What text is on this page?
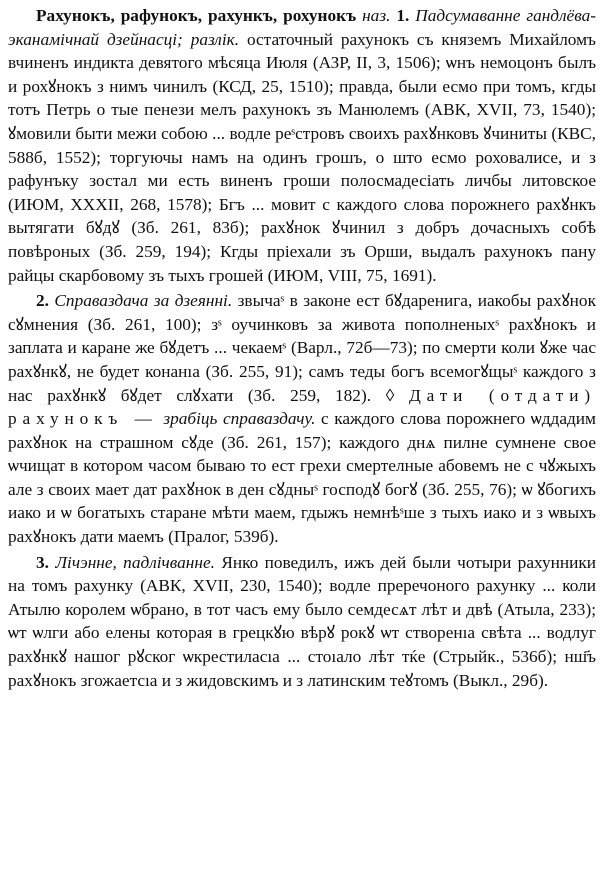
Рахунокъ, рафунокъ, рахункъ, рохунокъ наз. 1. Падсумаванне гандлёва-эканамічнай дзейнасці; разлік. остаточный рахунокъ съ княземъ Михайломъ вчиненъ индикта девятого мѣсяца Июля (АЗР, II, 3, 1506); ѡнъ немоцонъ былъ и рохꙋнокъ з нимъ чинилъ (КСД, 25, 1510); правда, были есмо при томъ, кгды тотъ Петрь о тые пенези мелъ рахунокъ зъ Манюлемъ (АВК, XVII, 73, 1540); ꙋмовили быти межи собою ... водле реˢстровъ своихъ рахꙋнковъ ꙋчиниты (КВС, 588б, 1552); торгуючы намъ на одинъ грошъ, о што есмо роховалисе, и з рафунъку зостал ми есть виненъ гроши полосмадесіать личбы литовское (ИЮМ, XXXII, 268, 1578); Бгъ ... мовит с каждого слова порожнего рахꙋнкъ вытягати бꙋдꙋ (Зб. 261, 83б); рахꙋнок ꙋчинил з добръ дочасныхъ собѣ повѣроных (Зб. 259, 194); Кгды пріехали зъ Орши, выдалъ рахунокъ пану райцы скарбовому зъ тыхъ грошей (ИЮМ, VIII, 75, 1691).

2. Справаздача за дзеянні. звычаˢ в законе ест бꙋдаренига, иакобы рахꙋнок сꙋмнения (Зб. 261, 100); зˢ оучинковъ за живота пополненыхˢ рахꙋнокъ и заплата и каране же бꙋдетъ ... чекаемˢ (Варл., 72б—73); по смерти коли ꙋже час рахꙋнкꙋ, не будет конанıа (Зб. 255, 91); самъ теды богъ всемогꙋщыˢ каждого з нас рахꙋнкꙋ бꙋдет слꙋхати (Зб. 259, 182). ◊ Дати (отдати) рахунокъ — зрабіць справаздачу. с каждого слова порожнего ѡддадим рахꙋнок на страшном сꙋде (Зб. 261, 157); каждого днѧ пилне сумнене свое ѡчищат в котором часом бываю то ест грехи смертелные абовемъ не с чꙋжыхъ але з своих мает дат рахꙋнок в ден сꙋдныˢ господꙋ богꙋ (Зб. 255, 76); ѡ ꙋбогихъ иако и ѡ богатыхъ старане мѣти маем, гдыжъ немнѣˢше з тыхъ иако и з ѡвыхъ рахꙋнокъ дати маемъ (Пралог, 539б).

3. Лічэнне, падлічванне. Янко поведилъ, ижъ дей были чотыри рахунники на томъ рахунку (АВК, XVII, 230, 1540); водле преречоного рахунку ... коли Атылю королем ѡбрано, в тот часъ ему было семдесѧт лѣт и двѣ (Атыла, 233); ѡт ѡлги або елены которая в грецкꙋю вѣрꙋ рокꙋ ѡт створенıа свѣта ... водлуг рахꙋнкꙋ нашог рꙋског ѡкрестиласıа ... стоıало лѣт тќе (Стрыйк., 536б); нш҃ъ рахꙋнокъ згожаетсıа и з жидовскимъ и з латинским теꙋтомъ (Выкл., 29б).
